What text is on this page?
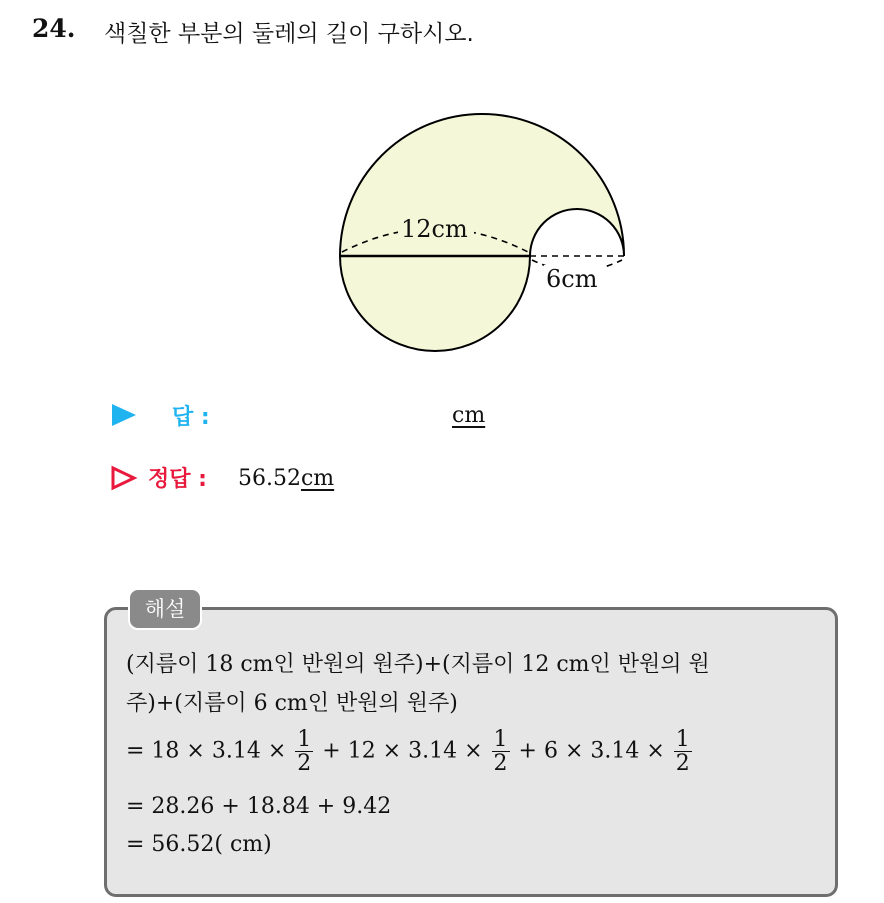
24. 색칠한 부분의 둘레의 길이 구하시오.
12cm
6cm
답 :	cm
정답 : 56.52cm
해설
(지름이 18 cm인 반원의 원주)+(지름이 12 cm인 반원의 원
주)+(지름이 6 cm인 반원의 원주)
= $18 \times 3.14 \times \frac{1}{2} + 12 \times 3.14 \times \frac{1}{2} + 6 \times 3.14 \times \frac{1}{2}$
= 28.26 + 18.84 + 9.42
= 56.52( cm)
